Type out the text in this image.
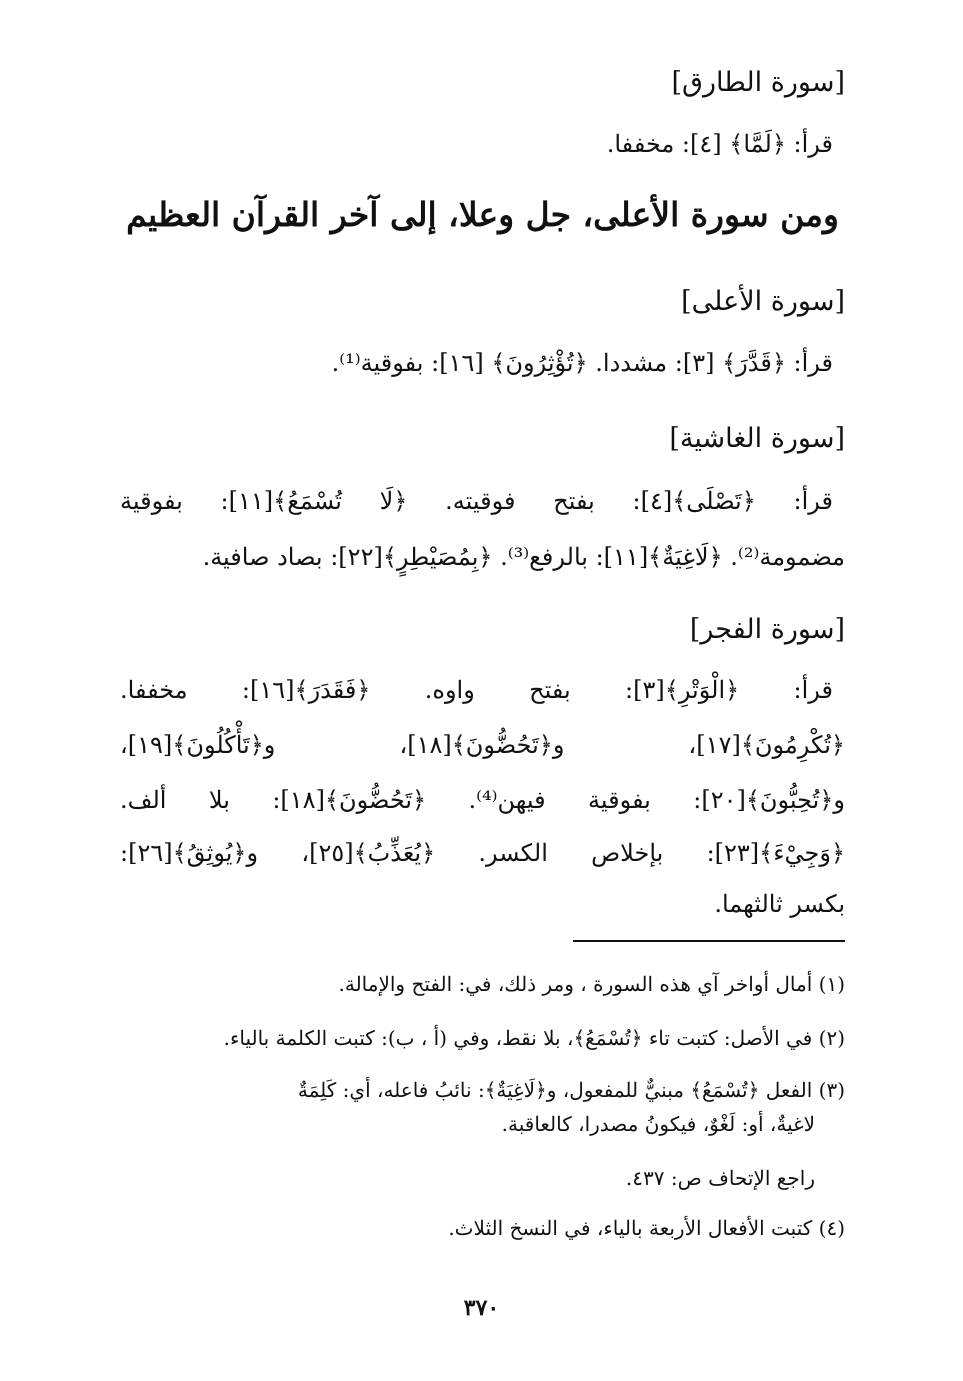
[سورة الطارق]
قرأ: ﴿لَمَّا﴾ [٤]: مخففا.
ومن سورة الأعلى، جل وعلا، إلى آخر القرآن العظيم
[سورة الأعلى]
قرأ: ﴿قَدَّرَ﴾ [٣]: مشددا. ﴿تُؤْثِرُونَ﴾ [١٦]: بفوقية⁽¹⁾.
[سورة الغاشية]
قرأ: ﴿تَصْلَى﴾[٤]: بفتح فوقيته. ﴿لَا تُسْمَعُ﴾[١١]: بفوقية
مضمومة⁽²⁾. ﴿لَاغِيَةٌ﴾[١١]: بالرفع⁽³⁾. ﴿بِمُصَيْطِرٍ﴾[٢٢]: بصاد صافية.
[سورة الفجر]
قرأ: ﴿الْوَتْرِ﴾[٣]: بفتح واوه. ﴿فَقَدَرَ﴾[١٦]: مخففا.
﴿تُكْرِمُونَ﴾[١٧]، و﴿تَحُضُّونَ﴾[١٨]، و﴿تَأْكُلُونَ﴾[١٩]،
و﴿تُحِبُّونَ﴾[٢٠]: بفوقية فيهن⁽⁴⁾. ﴿تَحُضُّونَ﴾[١٨]: بلا ألف.
﴿وَجِيْءَ﴾[٢٣]: بإخلاص الكسر. ﴿يُعَذِّبُ﴾[٢٥]، و﴿يُوثِقُ﴾[٢٦]:
بكسر ثالثهما.
(١) أمال أواخر آي هذه السورة ، ومر ذلك، في: الفتح والإمالة.
(٢) في الأصل: كتبت تاء ﴿تُسْمَعُ﴾، بلا نقط، وفي (أ ، ب): كتبت الكلمة بالياء.
(٣) الفعل ﴿تُسْمَعُ﴾ مبنيٌّ للمفعول، و﴿لَاغِيَةٌ﴾: نائبُ فاعله، أي: كَلِمَةٌ
لاغيةٌ، أو: لَغْوٌ، فيكونُ مصدرا، كالعاقبة.
راجع الإتحاف ص: ٤٣٧.
(٤) كتبت الأفعال الأربعة بالياء، في النسخ الثلاث.
٣٧٠
